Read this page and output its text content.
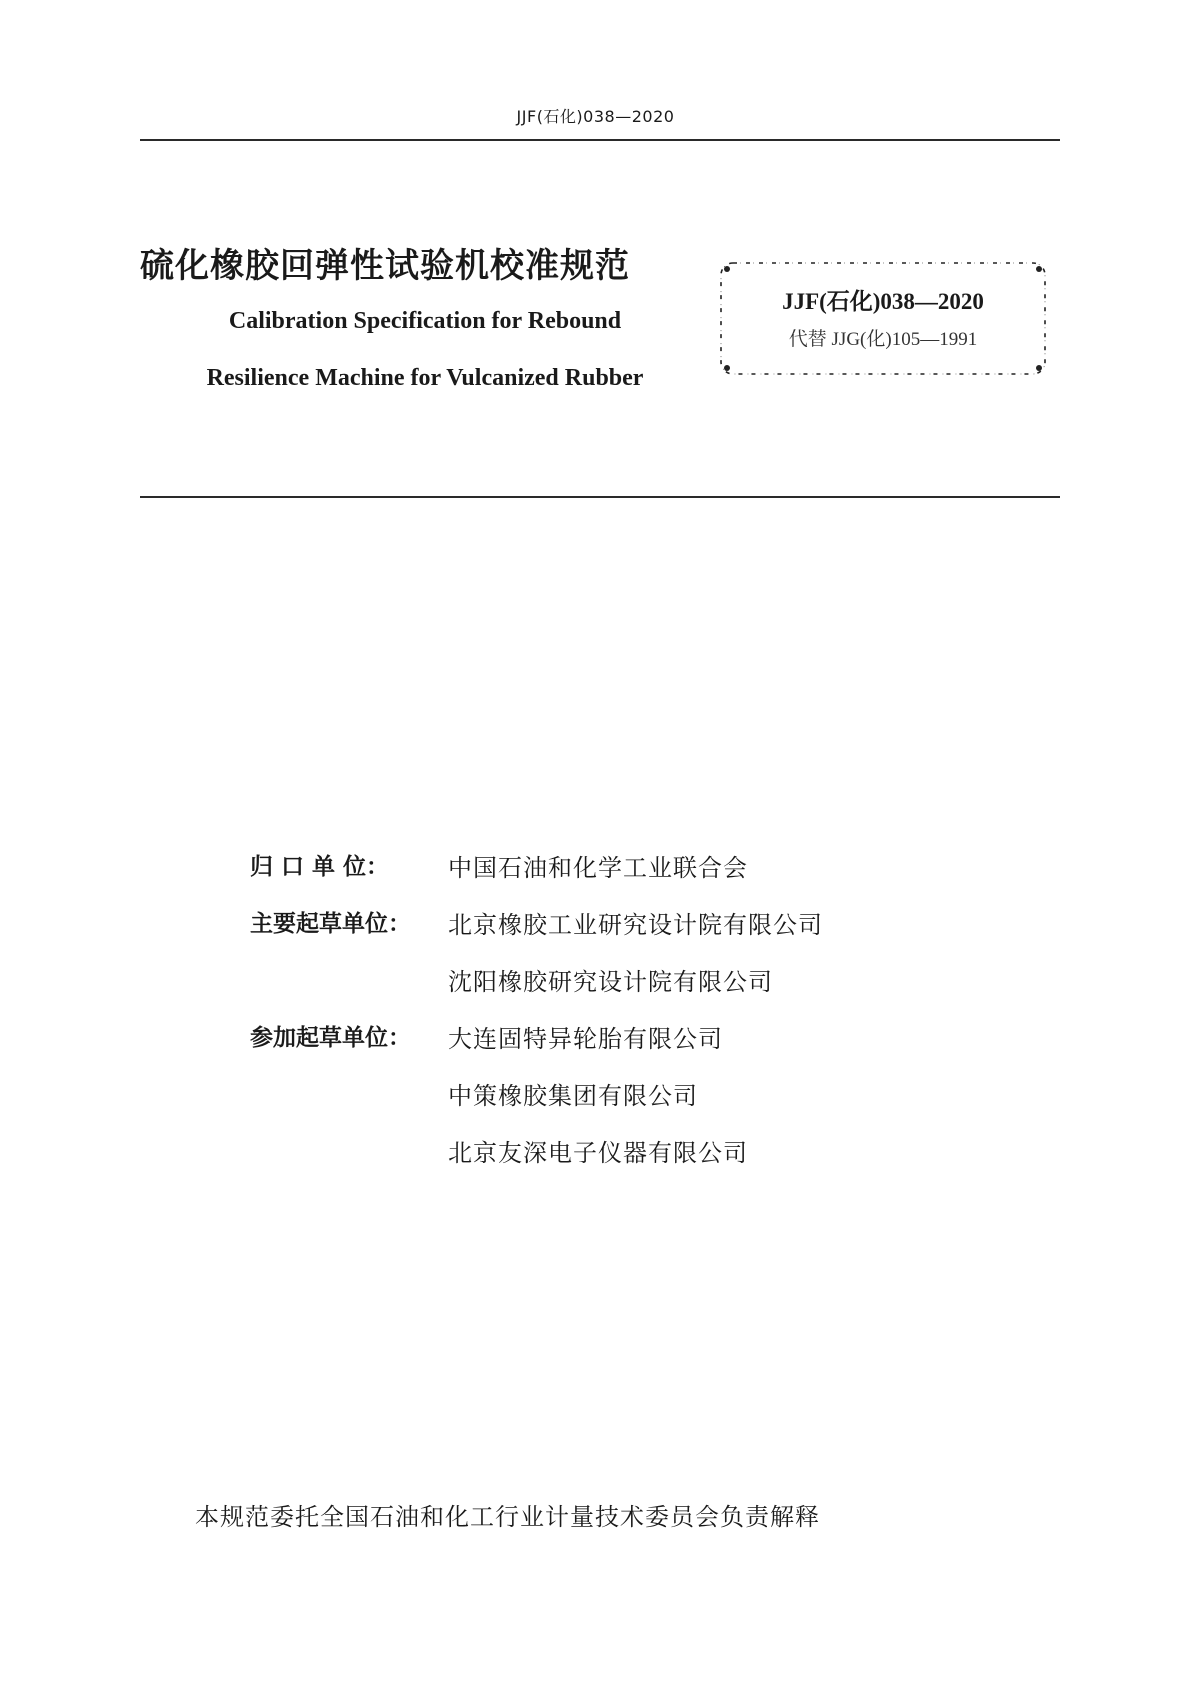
JJF(石化)038—2020
硫化橡胶回弹性试验机校准规范
Calibration Specification for Rebound
Resilience Machine for Vulcanized Rubber
JJF(石化)038—2020
代替 JJG(化)105—1991
归 口 单 位：	中国石油和化学工业联合会
主要起草单位：	北京橡胶工业研究设计院有限公司
沈阳橡胶研究设计院有限公司
参加起草单位：	大连固特异轮胎有限公司
中策橡胶集团有限公司
北京友深电子仪器有限公司
本规范委托全国石油和化工行业计量技术委员会负责解释
